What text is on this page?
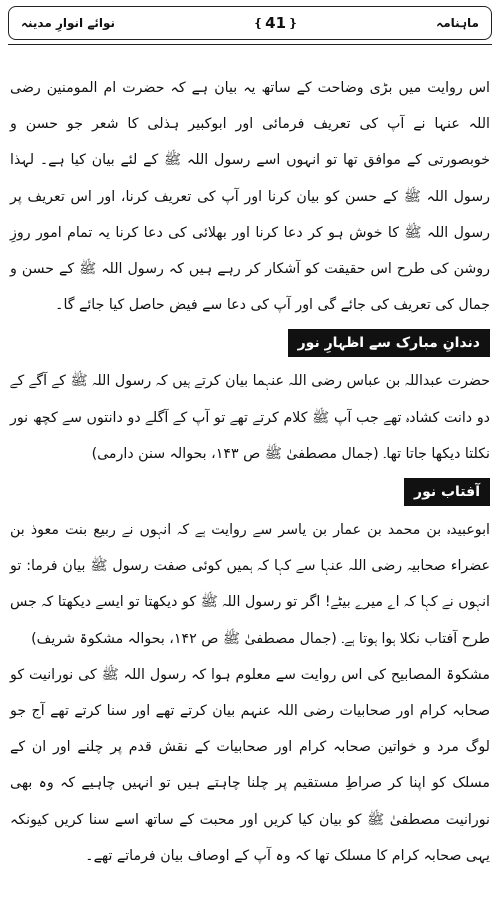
ماہنامہ
❴
41
❵
نوائے انوارِ مدینہ

اس روایت میں بڑی وضاحت کے ساتھ یہ بیان ہے کہ حضرت ام المومنین رضی اللہ عنہا نے آپ کی تعریف فرمائی اور ابوکبیر ہذلی کا شعر جو حسن و خوبصورتی کے موافق تھا تو انہوں اسے رسول اللہ ﷺ کے لئے بیان کیا ہے۔ لہذا رسول اللہ ﷺ کے حسن کو بیان کرنا اور آپ کی تعریف کرنا، اور اس تعریف پر رسول اللہ ﷺ کا خوش ہو کر دعا کرنا اور بھلائی کی دعا کرنا یہ تمام امور روزِ روشن کی طرح اس حقیقت کو آشکار کر رہے ہیں کہ رسول اللہ ﷺ کے حسن و جمال کی تعریف کی جائے گی اور آپ کی دعا سے فیض حاصل کیا جائے گا۔

دندانِ مبارک سے اظہارِ نور

حضرت عبداللہ بن عباس رضی اللہ عنہما بیان کرتے ہیں کہ رسول اللہ ﷺ کے آگے کے دو دانت کشادہ تھے جب آپ ﷺ کلام کرتے تھے تو آپ کے آگلے دو دانتوں سے کچھ نور نکلتا دیکھا جاتا تھا۔ (جمال مصطفیٰ ﷺ ص ۱۴۳، بحوالہ سنن دارمی)

آفتاب نور

ابوعبیدہ بن محمد بن عمار بن یاسر سے روایت ہے کہ انہوں نے ربیع بنت معوذ بن عضراء صحابیہ رضی اللہ عنہا سے کہا کہ ہمیں کوئی صفت رسول ﷺ بیان فرما: تو انہوں نے کہا کہ اے میرے بیٹے! اگر تو رسول اللہ ﷺ کو دیکھتا تو ایسے دیکھتا کہ جس طرح آفتاب نکلا ہوا ہوتا ہے۔ (جمال مصطفیٰ ﷺ ص ۱۴۲، بحوالہ مشکوۃ شریف)

مشکوۃ المصابیح کی اس روایت سے معلوم ہوا کہ رسول اللہ ﷺ کی نورانیت کو صحابہ کرام اور صحابیات رضی اللہ عنہم بیان کرتے تھے اور سنا کرتے تھے آج جو لوگ مرد و خواتین صحابہ کرام اور صحابیات کے نقش قدم پر چلنے اور ان کے مسلک کو اپنا کر صراطِ مستقیم پر چلنا چاہتے ہیں تو انہیں چاہیے کہ وہ بھی نورانیت مصطفیٰ ﷺ کو بیان کیا کریں اور محبت کے ساتھ اسے سنا کریں کیونکہ یہی صحابہ کرام کا مسلک تھا کہ وہ آپ کے اوصاف بیان فرماتے تھے۔
